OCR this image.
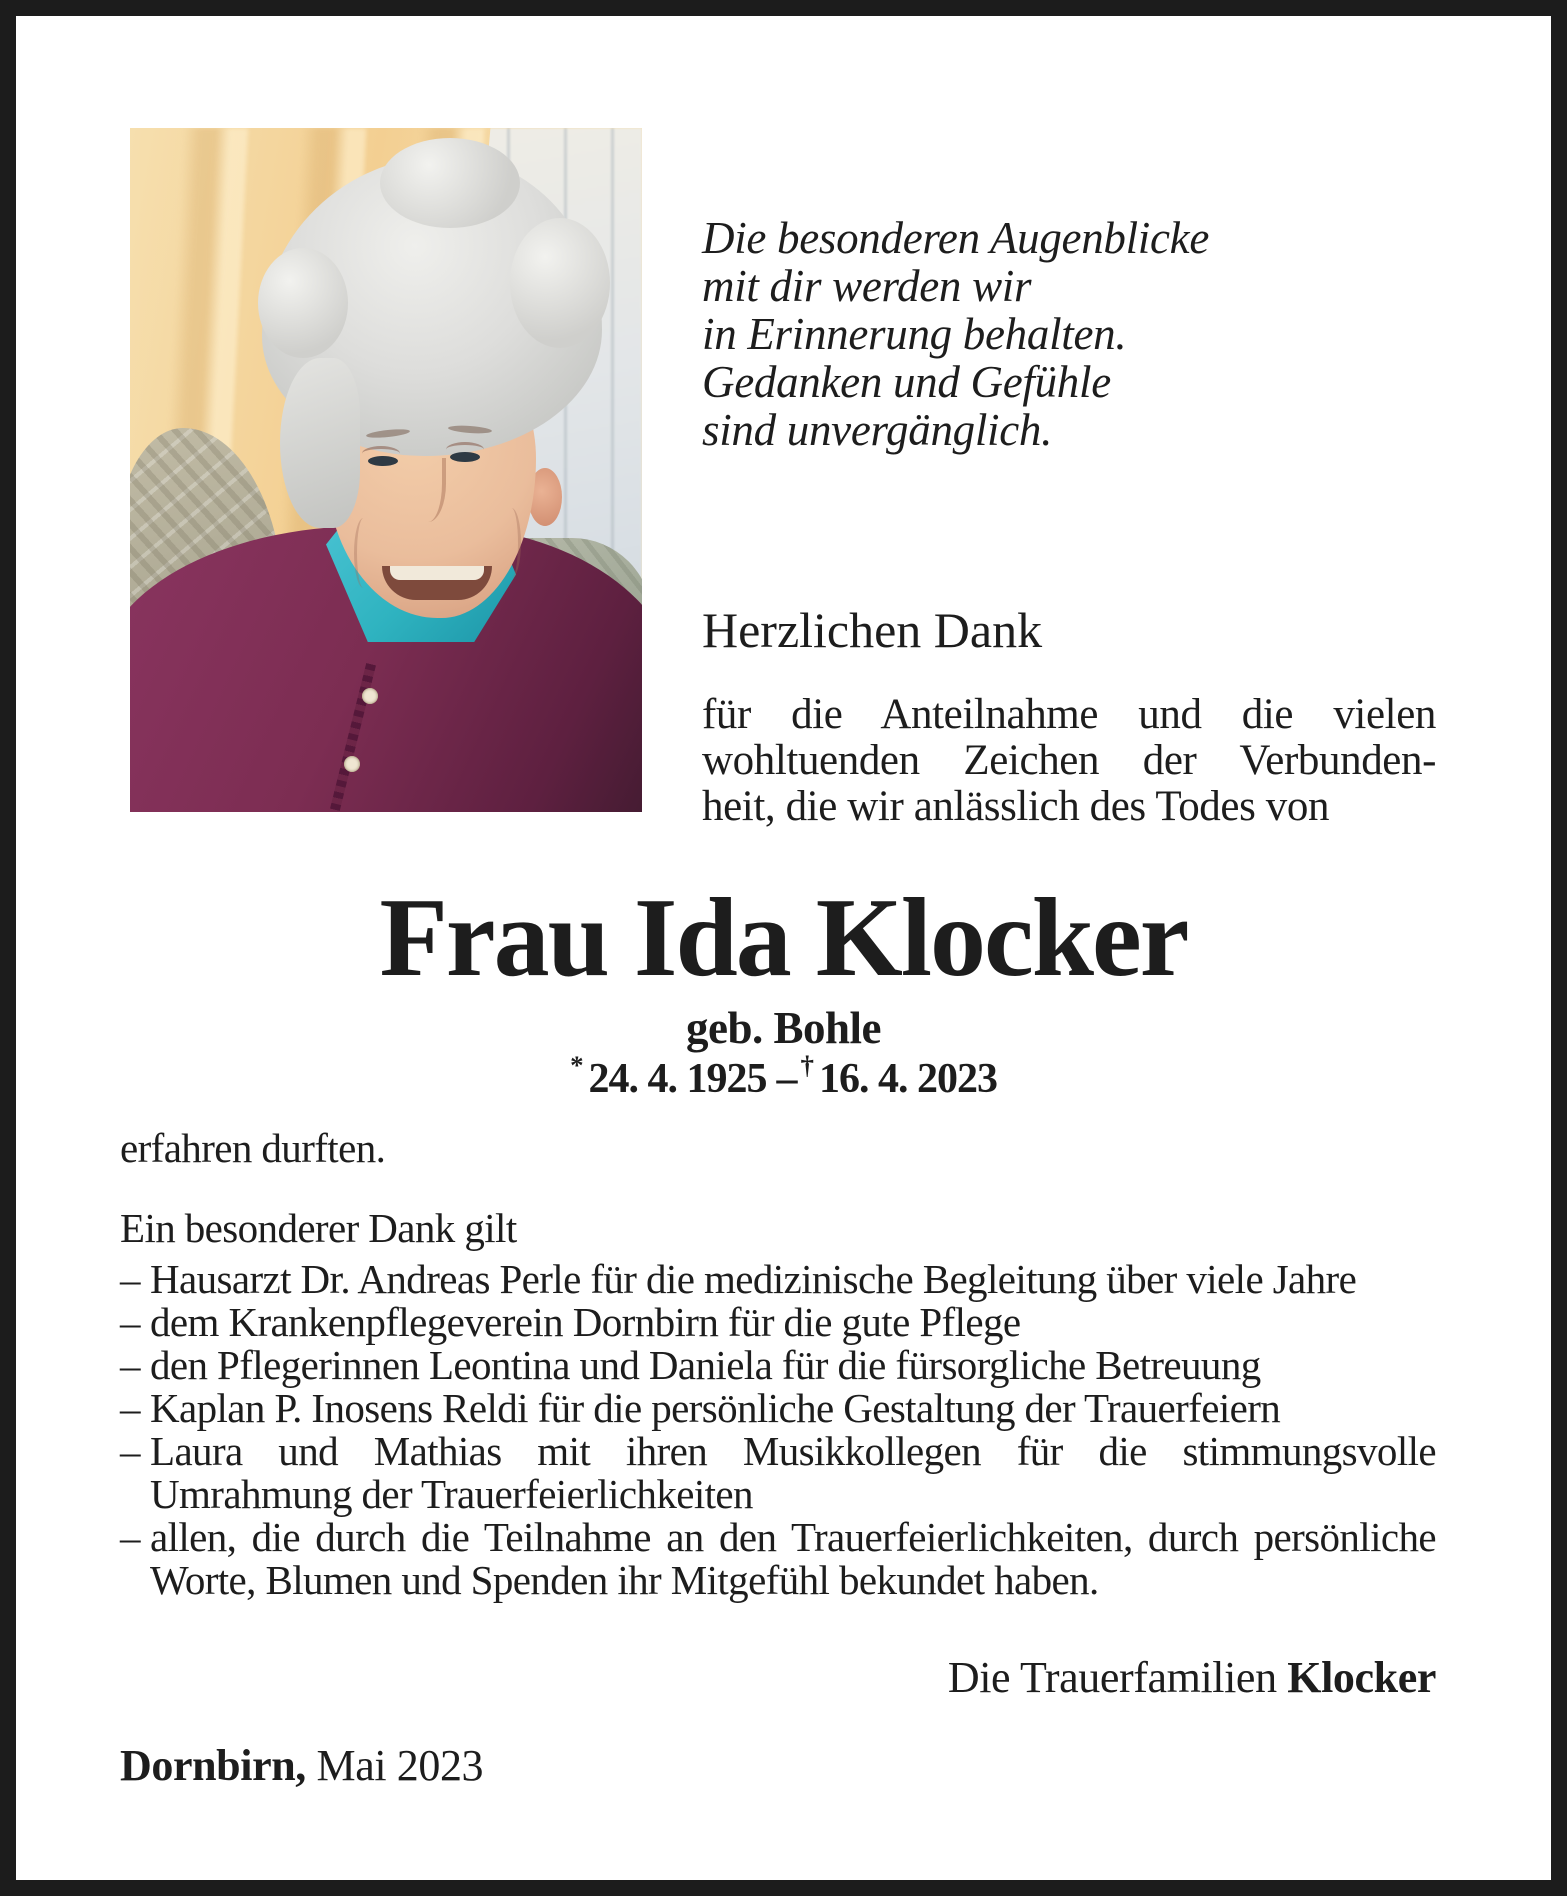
Die besonderen Augenblicke
mit dir werden wir
in Erinnerung behalten.
Gedanken und Gefühle
sind unvergänglich.
Herzlichen Dank
für die Anteilnahme und die vielen
wohltuenden Zeichen der Verbunden-
heit, die wir anlässlich des Todes von
Frau Ida Klocker
geb. Bohle
* 24. 4. 1925 – † 16. 4. 2023
erfahren durften.
Ein besonderer Dank gilt
– Hausarzt Dr. Andreas Perle für die medizinische Begleitung über viele Jahre
– dem Krankenpflegeverein Dornbirn für die gute Pflege
– den Pflegerinnen Leontina und Daniela für die fürsorgliche Betreuung
– Kaplan P. Inosens Reldi für die persönliche Gestaltung der Trauerfeiern
– Laura und Mathias mit ihren Musikkollegen für die stimmungsvolle Umrahmung der Trauerfeierlichkeiten
– allen, die durch die Teilnahme an den Trauerfeierlichkeiten, durch persönliche Worte, Blumen und Spenden ihr Mitgefühl bekundet haben.
Die Trauerfamilien Klocker
Dornbirn, Mai 2023
